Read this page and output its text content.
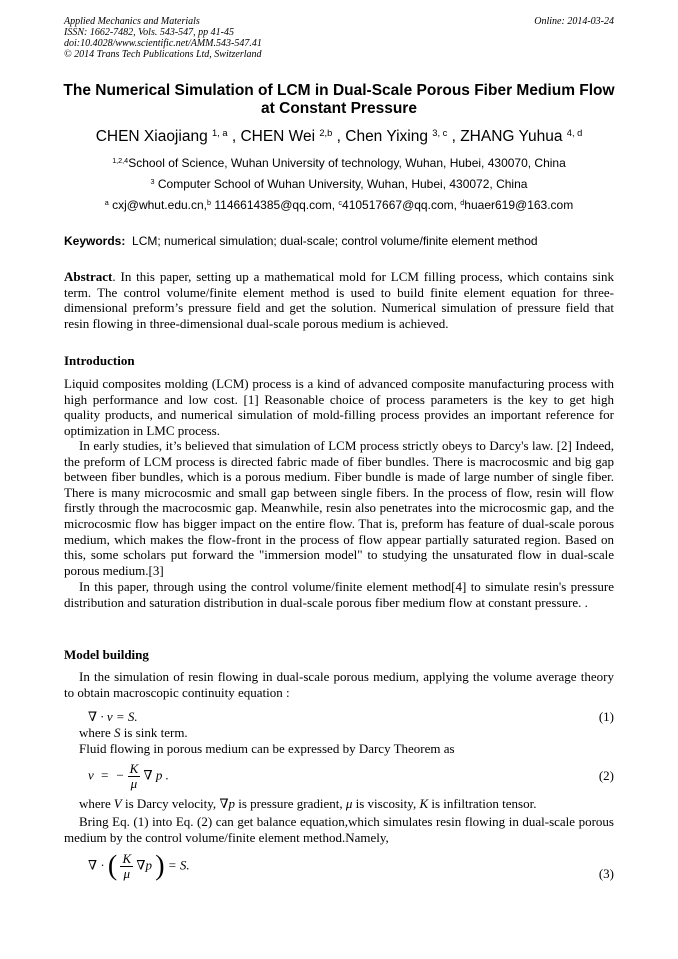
Applied Mechanics and Materials
ISSN: 1662-7482, Vols. 543-547, pp 41-45
doi:10.4028/www.scientific.net/AMM.543-547.41
© 2014 Trans Tech Publications Ltd, Switzerland
Online: 2014-03-24
The Numerical Simulation of LCM in Dual-Scale Porous Fiber Medium Flow at Constant Pressure
CHEN Xiaojiang $^{1, a}$ , CHEN Wei $^{2,b}$ , Chen Yixing $^{3, c}$ , ZHANG Yuhua $^{4, d}$
$^{1,2,4}$School of Science, Wuhan University of technology, Wuhan, Hubei, 430070, China
$^3$ Computer School of Wuhan University, Wuhan, Hubei, 430072, China
$^a$ cxj@whut.edu.cn,$^b$ 1146614385@qq.com, $^c$410517667@qq.com, $^d$huaer619@163.com
Keywords: LCM; numerical simulation; dual-scale; control volume/finite element method
Abstract. In this paper, setting up a mathematical mold for LCM filling process, which contains sink term. The control volume/finite element method is used to build finite element equation for three-dimensional preform’s pressure field and get the solution. Numerical simulation of pressure field that resin flowing in three-dimensional dual-scale porous medium is achieved.
Introduction
Liquid composites molding (LCM) process is a kind of advanced composite manufacturing process with high performance and low cost. [1] Reasonable choice of process parameters is the key to get high quality products, and numerical simulation of mold-filling process provides an important reference for optimization in LMC process.
In early studies, it’s believed that simulation of LCM process strictly obeys to Darcy's law. [2] Indeed, the preform of LCM process is directed fabric made of fiber bundles. There is macrocosmic and big gap between fiber bundles, which is a porous medium. Fiber bundle is made of large number of single fiber. There is many microcosmic and small gap between single fibers. In the process of flow, resin will flow firstly through the macrocosmic gap. Meanwhile, resin also penetrates into the microcosmic gap, and the microcosmic flow has bigger impact on the entire flow. That is, preform has feature of dual-scale porous medium, which makes the flow-front in the process of flow appear partially saturated region. Based on this, some scholars put forward the "immersion model" to studying the unsaturated flow in dual-scale porous medium.[3]
In this paper, through using the control volume/finite element method[4] to simulate resin's pressure distribution and saturation distribution in dual-scale porous fiber medium flow at constant pressure. .
Model building
In the simulation of resin flowing in dual-scale porous medium, applying the volume average theory to obtain macroscopic continuity equation :
∇ · v = S.	(1)
where S is sink term.
Fluid flowing in porous medium can be expressed by Darcy Theorem as
v  =  − $\frac{K}{\mu}$ ∇ p .	(2)
where V is Darcy velocity, ∇p is pressure gradient, μ is viscosity, K is infiltration tensor.
Bring Eq. (1) into Eq. (2) can get balance equation,which simulates resin flowing in dual-scale porous medium by the control volume/finite element method.Namely,
∇ · ( $\frac{K}{\mu} \nabla p$ ) = S.
(3)
